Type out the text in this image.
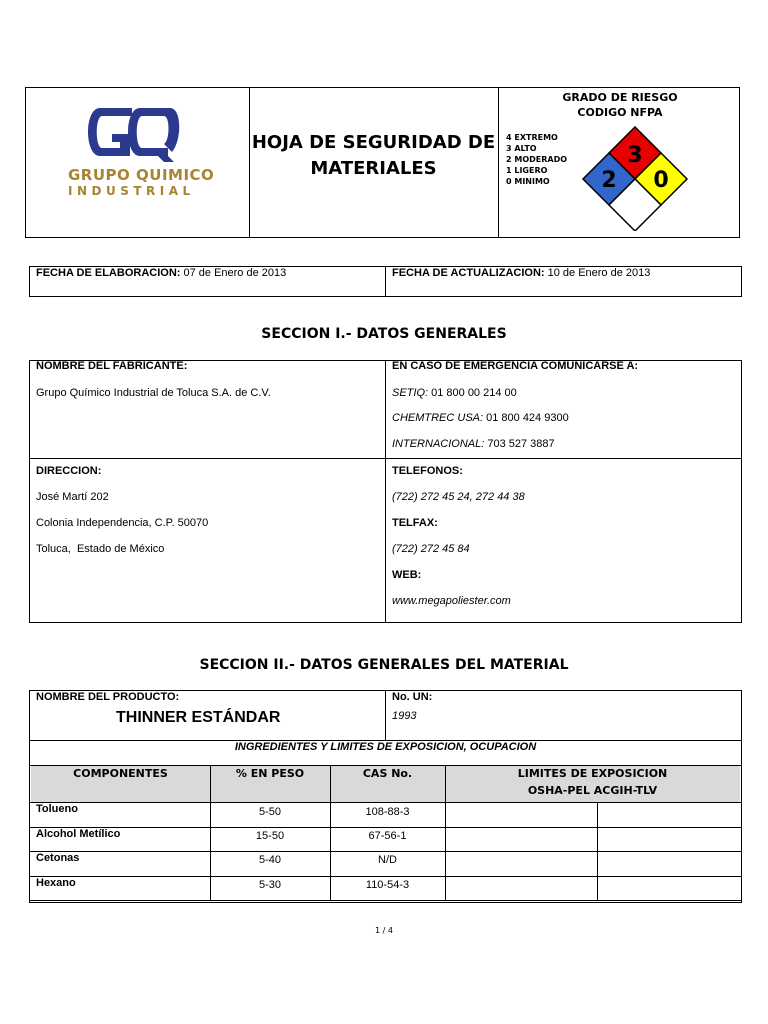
GRUPO QUIMICO
INDUSTRIAL
HOJA DE SEGURIDAD DE
MATERIALES
GRADO DE RIESGO
CODIGO NFPA
4 EXTREMO
3 ALTO
2 MODERADO
1 LIGERO
0 MINIMO
3
2 0
FECHA DE ELABORACION: 07 de Enero de 2013	FECHA DE ACTUALIZACION: 10 de Enero de 2013
SECCION I.- DATOS GENERALES
NOMBRE DEL FABRICANTE:
Grupo Químico Industrial de Toluca S.A. de C.V.
EN CASO DE EMERGENCIA COMUNICARSE A:
SETIQ: 01 800 00 214 00
CHEMTREC USA: 01 800 424 9300
INTERNACIONAL: 703 527 3887
DIRECCION:
José Martí 202
Colonia Independencia, C.P. 50070
Toluca,  Estado de México
TELEFONOS:
(722) 272 45 24, 272 44 38
TELFAX:
(722) 272 45 84
WEB:
www.megapoliester.com
SECCION II.- DATOS GENERALES DEL MATERIAL
NOMBRE DEL PRODUCTO:
THINNER ESTÁNDAR
No. UN:
1993
INGREDIENTES Y LIMITES DE EXPOSICION, OCUPACION
COMPONENTES	% EN PESO	CAS No.	LIMITES DE EXPOSICION
OSHA-PEL ACGIH-TLV
Tolueno	5-50	108-88-3
Alcohol Metílico	15-50	67-56-1
Cetonas	5-40	N/D
Hexano	5-30	110-54-3
1 / 4
